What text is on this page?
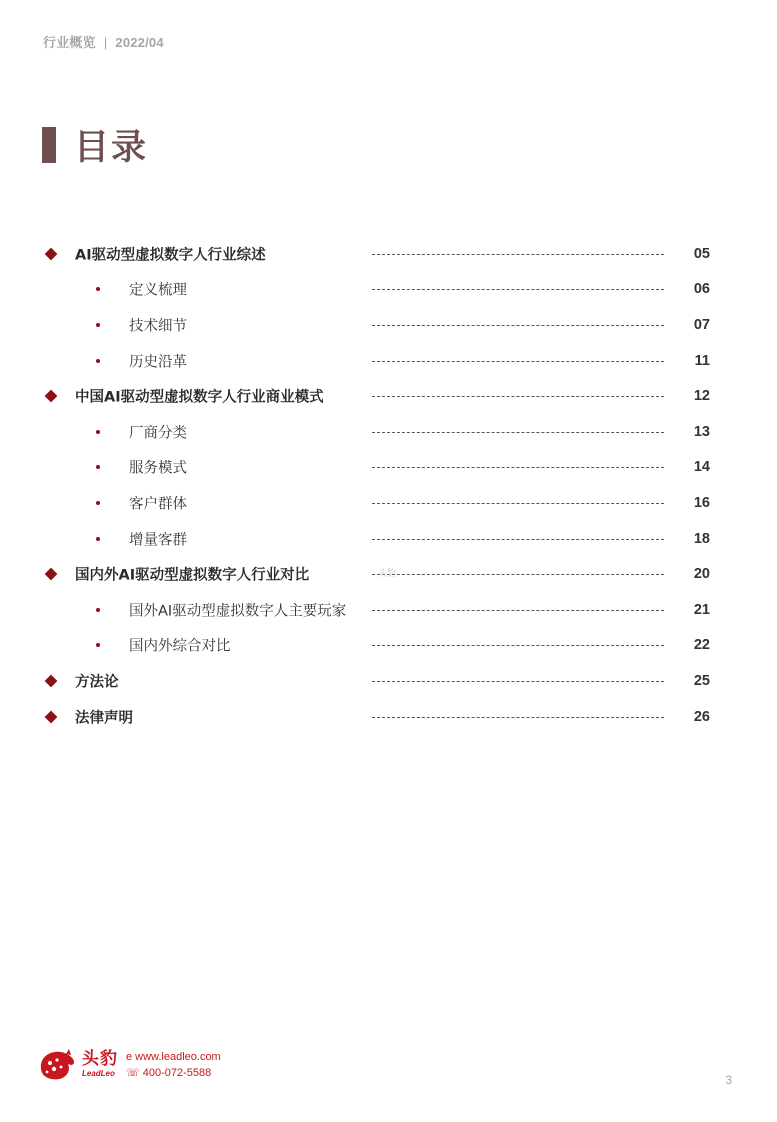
行业概览 | 2022/04
目录
AI驱动型虚拟数字人行业综述	05
定义梳理	06
技术细节	07
历史沿革	11
中国AI驱动型虚拟数字人行业商业模式	12
厂商分类	13
服务模式	14
客户群体	16
增量客群	18
国内外AI驱动型虚拟数字人行业对比	20
国外AI驱动型虚拟数字人主要玩家	21
国内外综合对比	22
方法论	25
法律声明	26
头豹
头豹
LeadLeo
e www.leadleo.com
☏ 400-072-5588	3
